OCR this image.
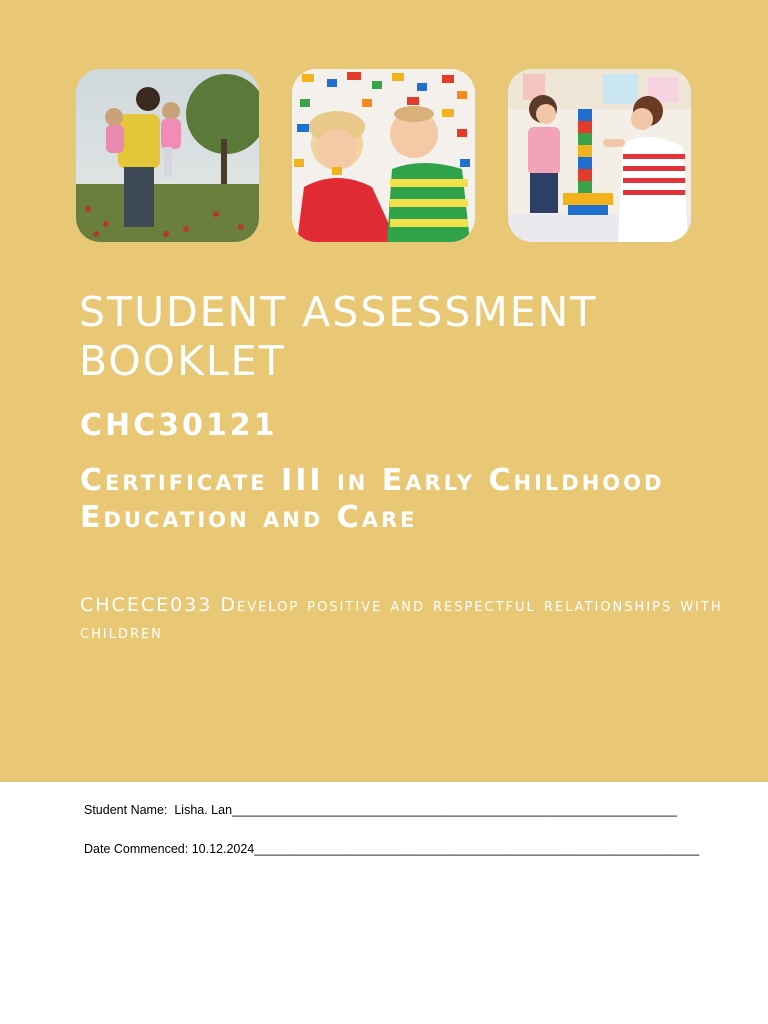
STUDENT ASSESSMENT BOOKLET
CHC30121
Certificate III in Early Childhood Education and Care

CHCECE033 Develop positive and respectful relationships with children

Student Name: Lisha. Lan________________________________________________________________
Date Commenced: 10.12.2024________________________________________________________________
